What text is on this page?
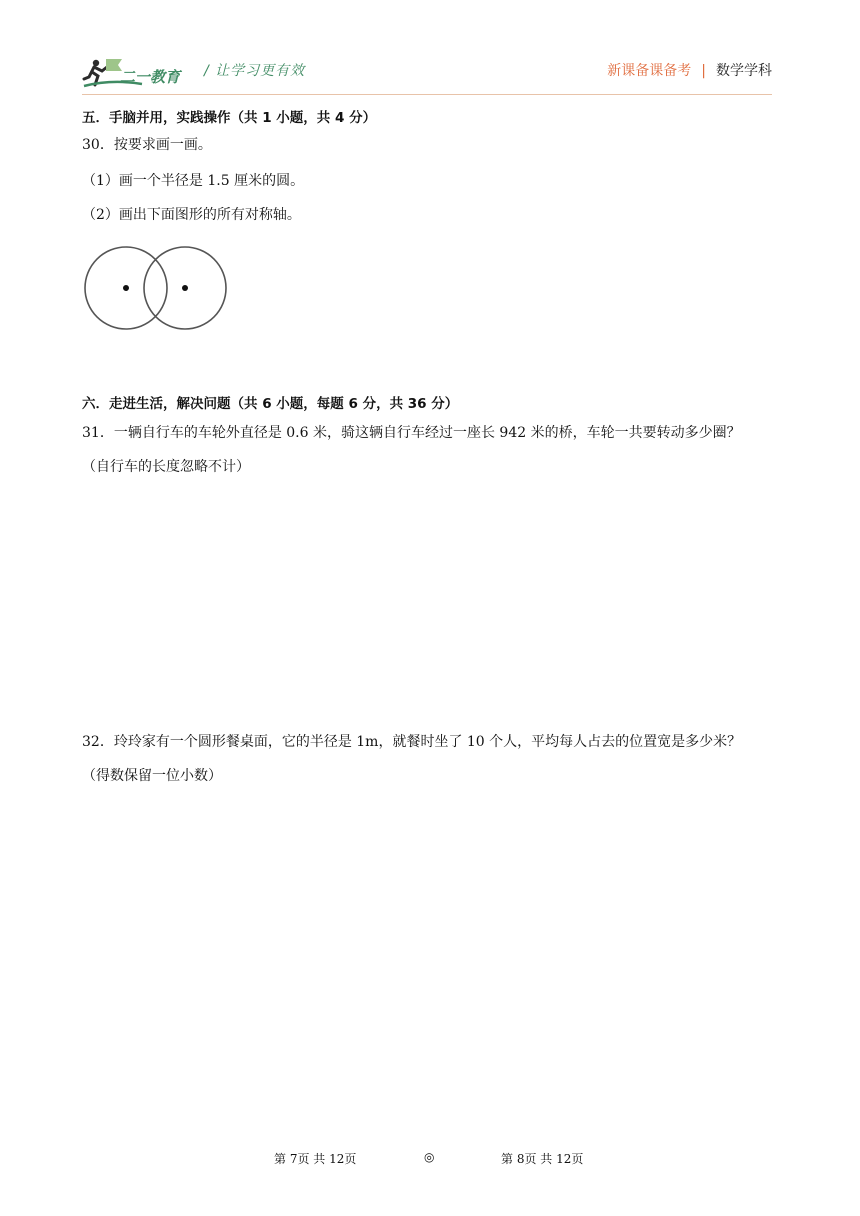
二一教育 / 让学习更有效	新课备课备考 | 数学学科
五．手脑并用，实践操作（共 1 小题，共 4 分）
30．按要求画一画。
（1）画一个半径是 1.5 厘米的圆。
（2）画出下面图形的所有对称轴。
六．走进生活，解决问题（共 6 小题，每题 6 分，共 36 分）
31．一辆自行车的车轮外直径是 0.6 米，骑这辆自行车经过一座长 942 米的桥，车轮一共要转动多少圈？
（自行车的长度忽略不计）
32．玲玲家有一个圆形餐桌面，它的半径是 1m，就餐时坐了 10 个人，平均每人占去的位置宽是多少米？
（得数保留一位小数）
第 7页 共 12页	◎	第 8页 共 12页
